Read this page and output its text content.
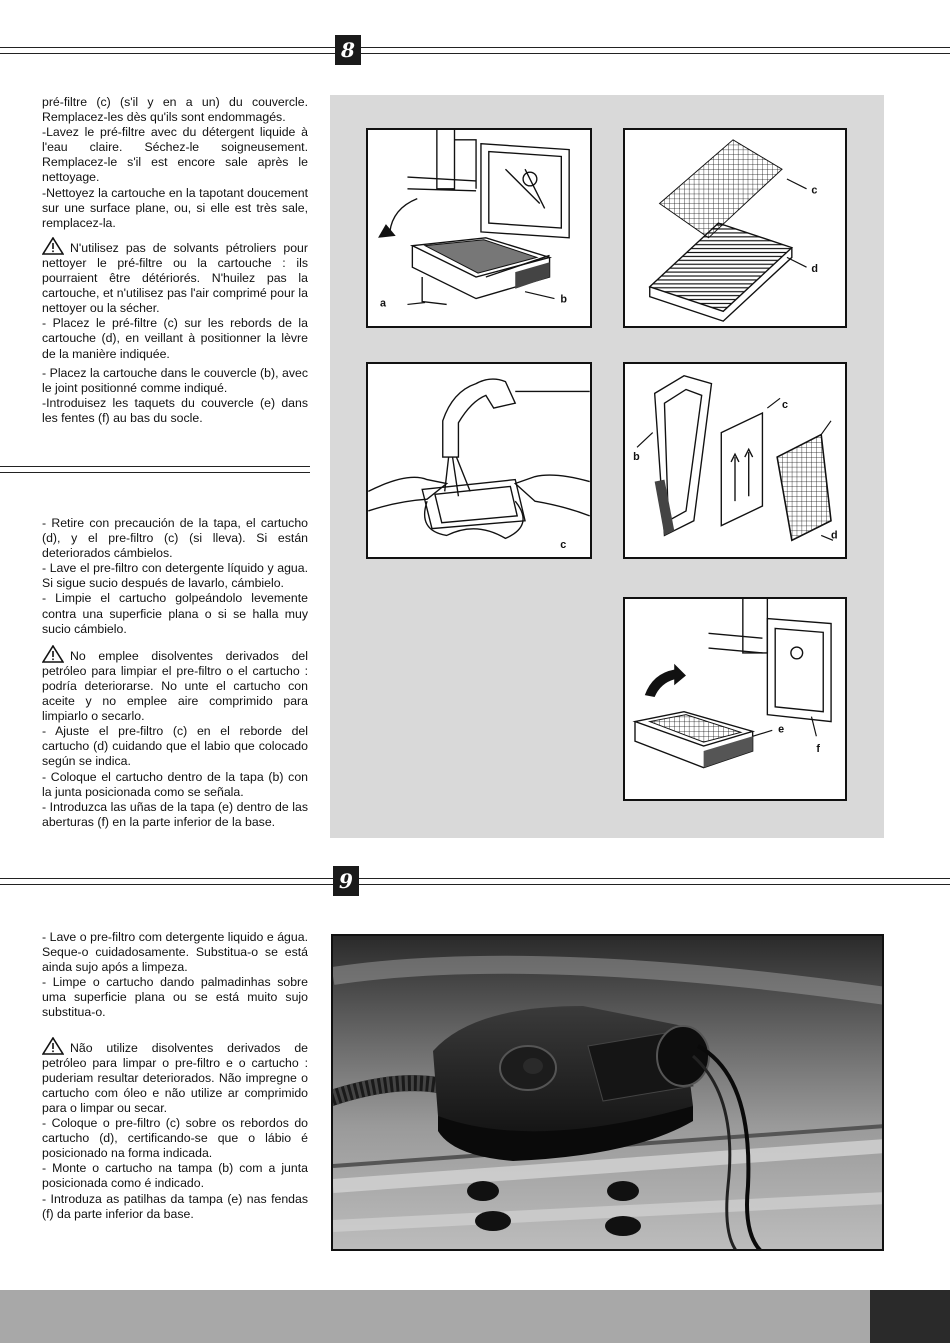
8

pré-filtre (c) (s'il y en a un) du couvercle. Remplacez-les dès qu'ils sont endommagés.

-Lavez le pré-filtre avec du détergent liquide à l'eau claire. Séchez-le soigneusement. Remplacez-le s'il est encore sale après le nettoyage.

-Nettoyez la cartouche en la tapotant doucement sur une surface plane, ou, si elle est très sale, remplacez-la.

N'utilisez pas de solvants pétroliers pour nettoyer le pré-filtre ou la cartouche : ils pourraient être détériorés. N'huilez pas la cartouche, et n'utilisez pas l'air comprimé pour la nettoyer ou la sécher.

- Placez le pré-filtre (c) sur les rebords de la cartouche (d), en veillant à positionner la lèvre de la manière indiquée.

- Placez la cartouche dans le couvercle (b), avec le joint positionné comme indiqué.

-Introduisez les taquets du couvercle (e) dans les fentes (f) au bas du socle.

- Retire con precaución de la tapa, el cartucho (d), y el pre-filtro (c) (si lleva). Si están deteriorados cámbielos.

- Lave el pre-filtro con detergente líquido y agua. Si sigue sucio después de lavarlo, cámbielo.

- Limpie el cartucho golpeándolo levemente contra una superficie plana o si se halla muy sucio cámbielo.

No emplee disolventes derivados del petróleo para limpiar el pre-filtro o el cartucho : podría deteriorarse. No unte el cartucho con aceite y no emplee aire comprimido para limpiarlo o secarlo.

- Ajuste el pre-filtro (c) en el reborde del cartucho (d) cuidando que el labio que colocado según se indica.

- Coloque el cartucho dentro de la tapa (b) con la junta posicionada como se señala.

- Introduzca las uñas de la tapa (e) dentro de las aberturas (f) en la parte inferior de la base.

a	b
c
d
c
c
b
d
e
f
9

- Lave o pre-filtro com detergente liquido e água. Seque-o cuidadosamente. Substitua-o se está ainda sujo após a limpeza.

- Limpe o cartucho dando palmadinhas sobre uma superficie plana ou se está muito sujo substitua-o.

Não utilize disolventes derivados de petróleo para limpar o pre-filtro e o cartucho : puderiam resultar deteriorados. Não impregne o cartucho com óleo e não utilize ar comprimido para o limpar ou secar.

- Coloque o pre-filtro (c) sobre os rebordos do cartucho (d), certificando-se que o lábio é posicionado na forma indicada.

- Monte o cartucho na tampa (b) com a junta posicionada como é indicado.

- Introduza as patilhas da tampa (e) nas fendas (f) da parte inferior da base.
